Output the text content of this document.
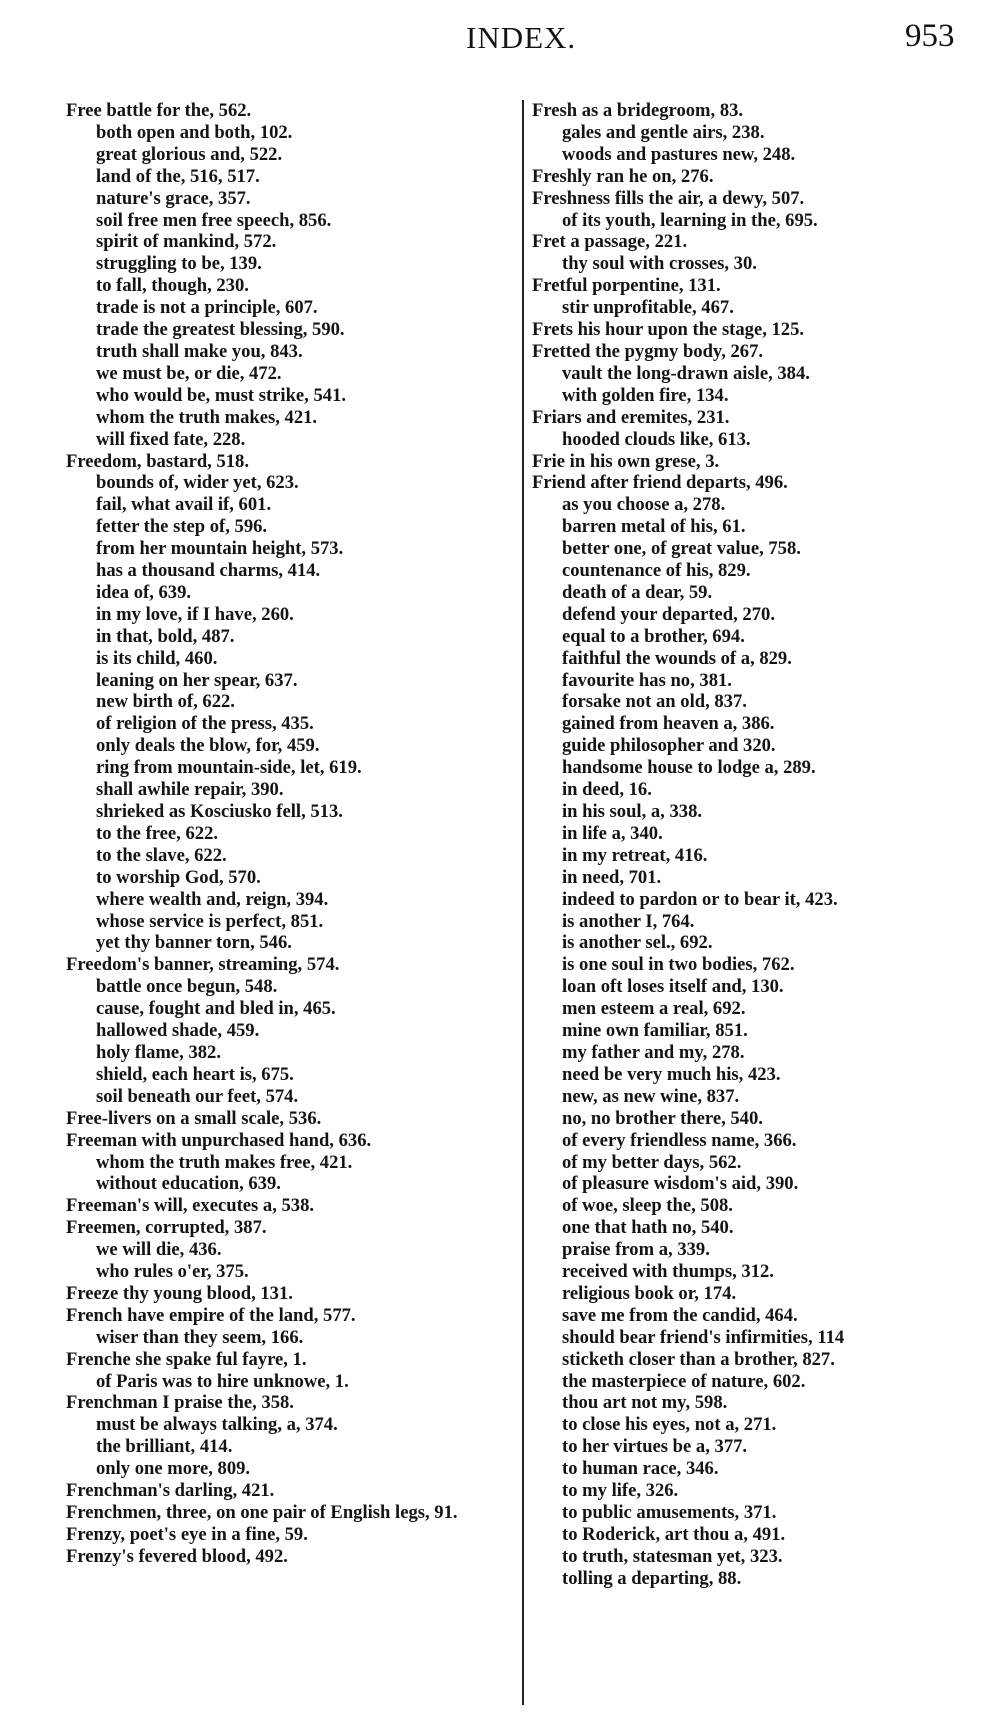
INDEX.	953
Free battle for the, 562.
both open and both, 102.
great glorious and, 522.
land of the, 516, 517.
nature's grace, 357.
soil free men free speech, 856.
spirit of mankind, 572.
struggling to be, 139.
to fall, though, 230.
trade is not a principle, 607.
trade the greatest blessing, 590.
truth shall make you, 843.
we must be, or die, 472.
who would be, must strike, 541.
whom the truth makes, 421.
will fixed fate, 228.
Freedom, bastard, 518.
bounds of, wider yet, 623.
fail, what avail if, 601.
fetter the step of, 596.
from her mountain height, 573.
has a thousand charms, 414.
idea of, 639.
in my love, if I have, 260.
in that, bold, 487.
is its child, 460.
leaning on her spear, 637.
new birth of, 622.
of religion of the press, 435.
only deals the blow, for, 459.
ring from mountain-side, let, 619.
shall awhile repair, 390.
shrieked as Kosciusko fell, 513.
to the free, 622.
to the slave, 622.
to worship God, 570.
where wealth and, reign, 394.
whose service is perfect, 851.
yet thy banner torn, 546.
Freedom's banner, streaming, 574.
battle once begun, 548.
cause, fought and bled in, 465.
hallowed shade, 459.
holy flame, 382.
shield, each heart is, 675.
soil beneath our feet, 574.
Free-livers on a small scale, 536.
Freeman with unpurchased hand, 636.
whom the truth makes free, 421.
without education, 639.
Freeman's will, executes a, 538.
Freemen, corrupted, 387.
we will die, 436.
who rules o'er, 375.
Freeze thy young blood, 131.
French have empire of the land, 577.
wiser than they seem, 166.
Frenche she spake ful fayre, 1.
of Paris was to hire unknowe, 1.
Frenchman I praise the, 358.
must be always talking, a, 374.
the brilliant, 414.
only one more, 809.
Frenchman's darling, 421.
Frenchmen, three, on one pair of English legs, 91.
Frenzy, poet's eye in a fine, 59.
Frenzy's fevered blood, 492.
Fresh as a bridegroom, 83.
gales and gentle airs, 238.
woods and pastures new, 248.
Freshly ran he on, 276.
Freshness fills the air, a dewy, 507.
of its youth, learning in the, 695.
Fret a passage, 221.
thy soul with crosses, 30.
Fretful porpentine, 131.
stir unprofitable, 467.
Frets his hour upon the stage, 125.
Fretted the pygmy body, 267.
vault the long-drawn aisle, 384.
with golden fire, 134.
Friars and eremites, 231.
hooded clouds like, 613.
Frie in his own grese, 3.
Friend after friend departs, 496.
as you choose a, 278.
barren metal of his, 61.
better one, of great value, 758.
countenance of his, 829.
death of a dear, 59.
defend your departed, 270.
equal to a brother, 694.
faithful the wounds of a, 829.
favourite has no, 381.
forsake not an old, 837.
gained from heaven a, 386.
guide philosopher and 320.
handsome house to lodge a, 289.
in deed, 16.
in his soul, a, 338.
in life a, 340.
in my retreat, 416.
in need, 701.
indeed to pardon or to bear it, 423.
is another I, 764.
is another sel., 692.
is one soul in two bodies, 762.
loan oft loses itself and, 130.
men esteem a real, 692.
mine own familiar, 851.
my father and my, 278.
need be very much his, 423.
new, as new wine, 837.
no, no brother there, 540.
of every friendless name, 366.
of my better days, 562.
of pleasure wisdom's aid, 390.
of woe, sleep the, 508.
one that hath no, 540.
praise from a, 339.
received with thumps, 312.
religious book or, 174.
save me from the candid, 464.
should bear friend's infirmities, 114
sticketh closer than a brother, 827.
the masterpiece of nature, 602.
thou art not my, 598.
to close his eyes, not a, 271.
to her virtues be a, 377.
to human race, 346.
to my life, 326.
to public amusements, 371.
to Roderick, art thou a, 491.
to truth, statesman yet, 323.
tolling a departing, 88.
